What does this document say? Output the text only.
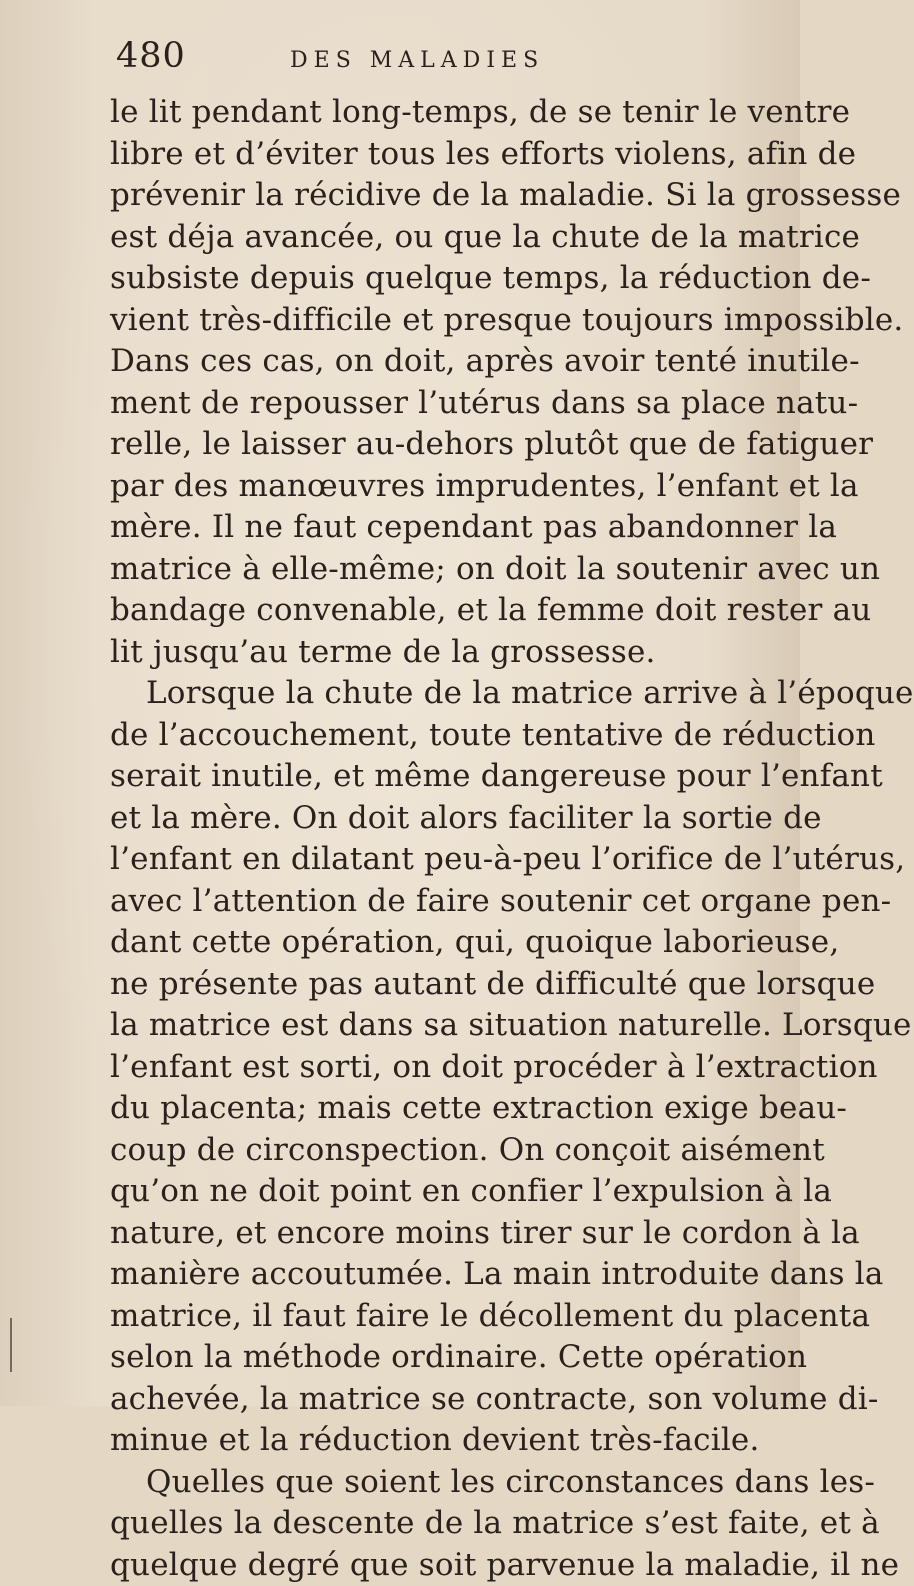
480	DES MALADIES
le lit pendant long-temps, de se tenir le ventre
libre et d’éviter tous les efforts violens, afin de
prévenir la récidive de la maladie. Si la grossesse
est déja avancée, ou que la chute de la matrice
subsiste depuis quelque temps, la réduction de-
vient très-difficile et presque toujours impossible.
Dans ces cas, on doit, après avoir tenté inutile-
ment de repousser l’utérus dans sa place natu-
relle, le laisser au-dehors plutôt que de fatiguer
par des manœuvres imprudentes, l’enfant et la
mère. Il ne faut cependant pas abandonner la
matrice à elle-même; on doit la soutenir avec un
bandage convenable, et la femme doit rester au
lit jusqu’au terme de la grossesse.
Lorsque la chute de la matrice arrive à l’époque
de l’accouchement, toute tentative de réduction
serait inutile, et même dangereuse pour l’enfant
et la mère. On doit alors faciliter la sortie de
l’enfant en dilatant peu-à-peu l’orifice de l’utérus,
avec l’attention de faire soutenir cet organe pen-
dant cette opération, qui, quoique laborieuse,
ne présente pas autant de difficulté que lorsque
la matrice est dans sa situation naturelle. Lorsque
l’enfant est sorti, on doit procéder à l’extraction
du placenta; mais cette extraction exige beau-
coup de circonspection. On conçoit aisément
qu’on ne doit point en confier l’expulsion à la
nature, et encore moins tirer sur le cordon à la
manière accoutumée. La main introduite dans la
matrice, il faut faire le décollement du placenta
selon la méthode ordinaire. Cette opération
achevée, la matrice se contracte, son volume di-
minue et la réduction devient très-facile.
Quelles que soient les circonstances dans les-
quelles la descente de la matrice s’est faite, et à
quelque degré que soit parvenue la maladie, il ne
